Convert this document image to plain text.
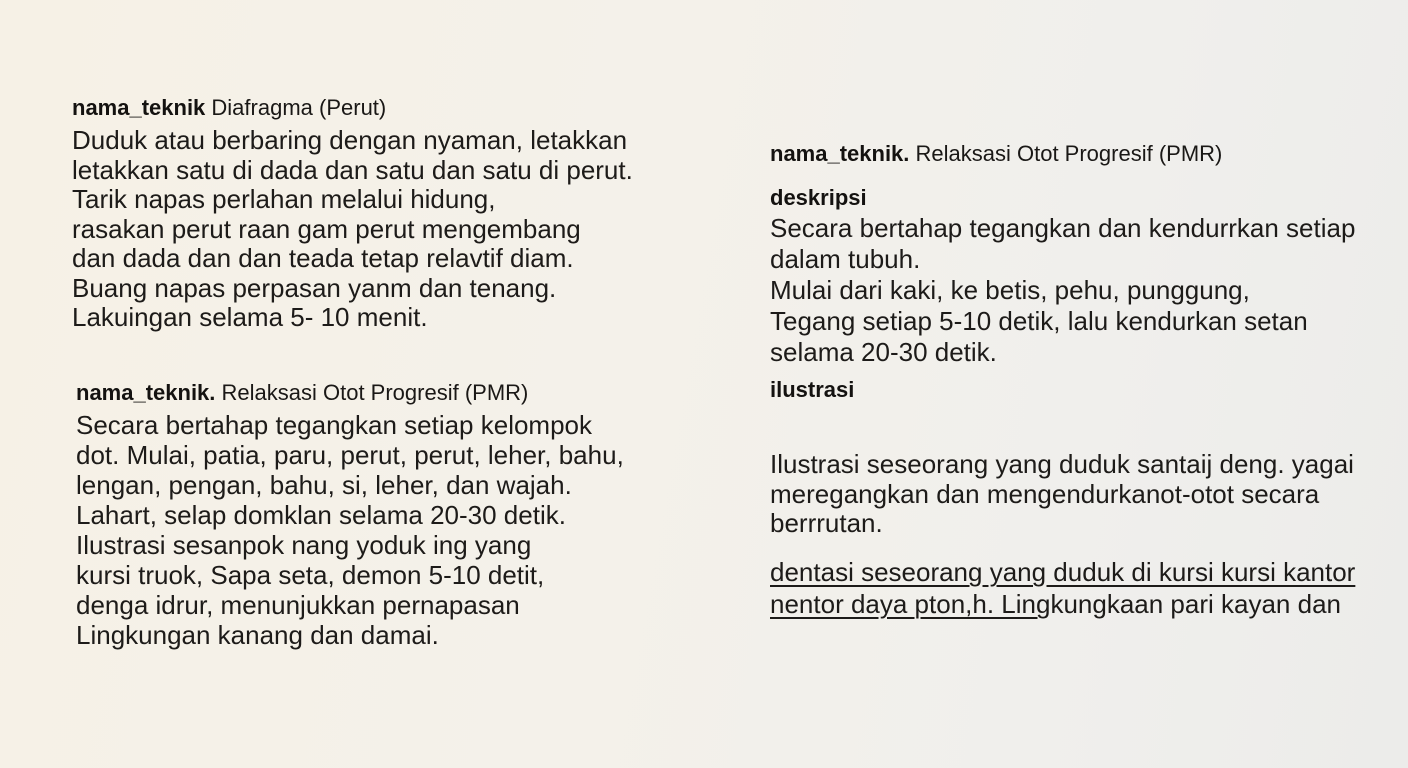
nama_teknik Diafragma (Perut)
Duduk atau berbaring dengan nyaman, letakkan
letakkan satu di dada dan satu dan satu di perut.
Tarik napas perlahan melalui hidung,
rasakan perut raan gam perut mengembang
dan dada dan dan teada tetap relavtif diam.
Buang napas perpasan yanm dan tenang.
Lakuingan selama 5- 10 menit.
nama_teknik. Relaksasi Otot Progresif (PMR)
Secara bertahap tegangkan setiap kelompok
dot. Mulai, patia, paru, perut, perut, leher, bahu,
lengan, pengan, bahu, si, leher, dan wajah.
Lahart, selap domklan selama 20-30 detik.
Ilustrasi sesanpok nang yoduk ing yang
kursi truok, Sapa seta, demon 5-10 detit,
denga idrur, menunjukkan pernapasan
Lingkungan kanang dan damai.
nama_teknik. Relaksasi Otot Progresif (PMR)
deskripsi
Secara bertahap tegangkan dan kendurrkan setiap
dalam tubuh.
Mulai dari kaki, ke betis, pehu, punggung,
Tegang setiap 5-10 detik, lalu kendurkan setan
selama 20-30 detik.
ilustrasi
Ilustrasi seseorang yang duduk santaij deng. yagai
meregangkan dan mengendurkanot-otot secara
berrrutan.
dentasi seseorang yang duduk di kursi kursi kantor
nentor daya pton,h. Lingkungkaan pari kayan dan
